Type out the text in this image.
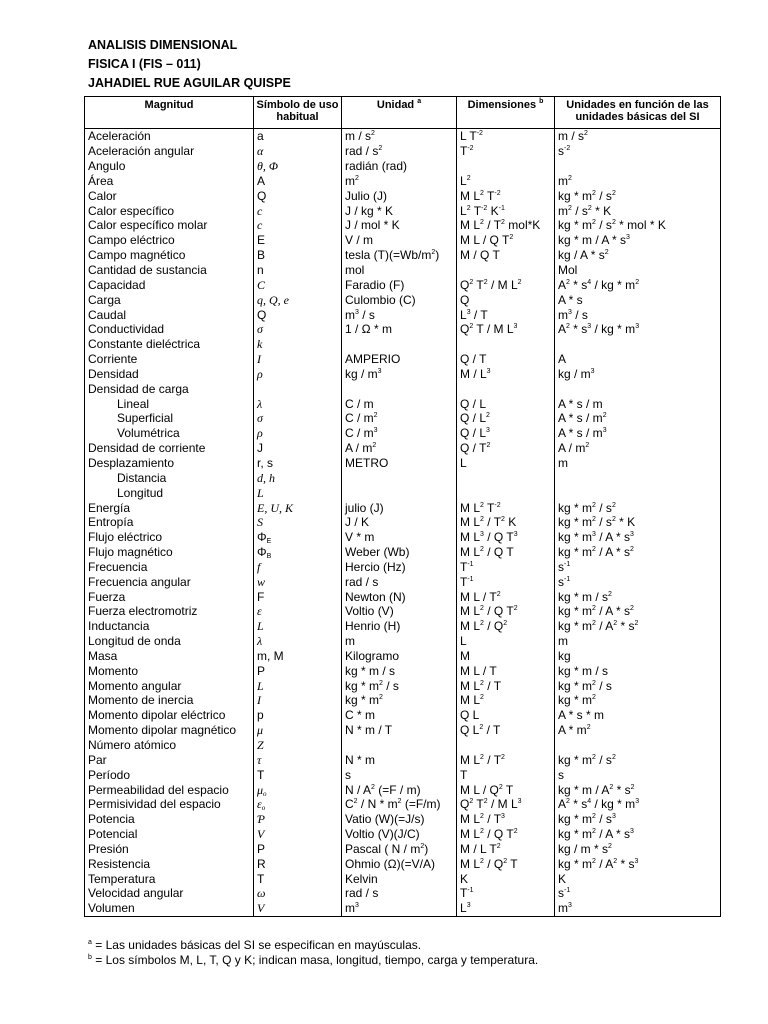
ANALISIS DIMENSIONAL
FISICA I (FIS – 011)
JAHADIEL RUE AGUILAR QUISPE
Magnitud	Símbolo de uso habitual	Unidad $^a$	Dimensiones $^b$	Unidades en función de las unidades básicas del SI
Aceleración	a	m / $s^2$	L $T^{-2}$	m / $s^2$
Aceleración angular	α	rad / $s^2$	$T^{-2}$	$s^{-2}$
Angulo	θ, Φ	radián (rad)		
Área	A	$m^2$	$L^2$	$m^2$
Calor	Q	Julio (J)	M $L^2$ $T^{-2}$	kg * $m^2 / s^2$
Calor específico	c	J / kg * K	$L^2$ $T^{-2}$ $K^{-1}$	$m^2 / s^2$ * K
Calor específico molar	c	J / mol * K	M $L^2 / T^2$ mol*K	kg * $m^2 / s^2$ * mol * K
Campo eléctrico	E	V / m	M L / Q $T^2$	kg * m / A * $s^3$
Campo magnético	B	tesla $(T)(=Wb/m^2)$	M / Q T	kg / A * $s^2$
Cantidad de sustancia	n	mol		Mol
Capacidad	C	Faradio (F)	$Q^2$ $T^2$ / M $L^2$	$A^2 * s^4$ / kg * $m^2$
Carga	q, Q, e	Culombio (C)	Q	A * s
Caudal	Q	$m^3$ / s	$L^3$ / T	$m^3$ / s
Conductividad	σ	1 / Ω * m	$Q^2$ T / M $L^3$	$A^2 * s^3$ / kg * $m^3$
Constante dieléctrica	k			
Corriente	I	AMPERIO	Q / T	A
Densidad	ρ	kg / $m^3$	M / $L^3$	kg / $m^3$
Densidad de carga				
Lineal	λ	C / m	Q / L	A * s / m
Superficial	σ	C / $m^2$	Q / $L^2$	A * s / $m^2$
Volumétrica	ρ	C / $m^3$	Q / $L^3$	A * s / $m^3$
Densidad de corriente	J	A / $m^2$	Q / $T^2$	A / $m^2$
Desplazamiento	r, s	METRO	L	m
Distancia	d, h			
Longitud	L			
Energía	E, U, K	julio (J)	M $L^2$ $T^{-2}$	kg * $m^2 / s^2$
Entropía	S	J / K	M $L^2 / T^2$ K	kg * $m^2 / s^2$ * K
Flujo eléctrico	$\Phi_E$	V * m	M $L^3$ / Q $T^3$	kg * $m^3$ / A * $s^3$
Flujo magnético	$\Phi_B$	Weber (Wb)	M $L^2$ / Q T	kg * $m^2$ / A * $s^2$
Frecuencia	f	Hercio (Hz)	$T^{-1}$	$s^{-1}$
Frecuencia angular	w	rad / s	$T^{-1}$	$s^{-1}$
Fuerza	F	Newton (N)	M L / $T^2$	kg * m / $s^2$
Fuerza electromotriz	ε	Voltio (V)	M $L^2$ / Q $T^2$	kg * $m^2$ / A * $s^2$
Inductancia	L	Henrio (H)	M $L^2 / Q^2$	kg * $m^2 / A^2 * s^2$
Longitud de onda	λ	m	L	m
Masa	m, M	Kilogramo	M	kg
Momento	P	kg * m / s	M L / T	kg * m / s
Momento angular	L	kg * $m^2$ / s	M $L^2$ / T	kg * $m^2$ / s
Momento de inercia	I	kg * $m^2$	M $L^2$	kg * $m^2$
Momento dipolar eléctrico	p	C * m	Q L	A * s * m
Momento dipolar magnético	μ	N * m / T	Q $L^2$ / T	A * $m^2$
Número atómico	Z			
Par	τ	N * m	M $L^2 / T^2$	kg * $m^2 / s^2$
Período	T	s	T	s
Permeabilidad del espacio	$\mu_o$	N / $A^2$ (=F / m)	M L / $Q^2$ T	kg * m / $A^2 * s^2$
Permisividad del espacio	$\varepsilon_o$	$C^2$ / N * $m^2$ (=F/m)	$Q^2$ $T^2$ / M $L^3$	$A^2 * s^4$ / kg * $m^3$
Potencia	Ƥ	Vatio (W)(=J/s)	M $L^2 / T^3$	kg * $m^2 / s^3$
Potencial	V	Voltio (V)(J/C)	M $L^2$ / Q $T^2$	kg * $m^2$ / A * $s^3$
Presión	P	Pascal ( N / $m^2$)	M / L $T^2$	kg / m * $s^2$
Resistencia	R	Ohmio (Ω)(=V/A)	M $L^2 / Q^2$ T	kg * $m^2 / A^2 * s^3$
Temperatura	T	Kelvin	K	K
Velocidad angular	ω	rad / s	$T^{-1}$	$s^{-1}$
Volumen	V	$m^3$	$L^3$	$m^3$
$^a$ = Las unidades básicas del SI se especifican en mayúsculas.
$^b$ = Los símbolos M, L, T, Q y K; indican masa, longitud, tiempo, carga y temperatura.
